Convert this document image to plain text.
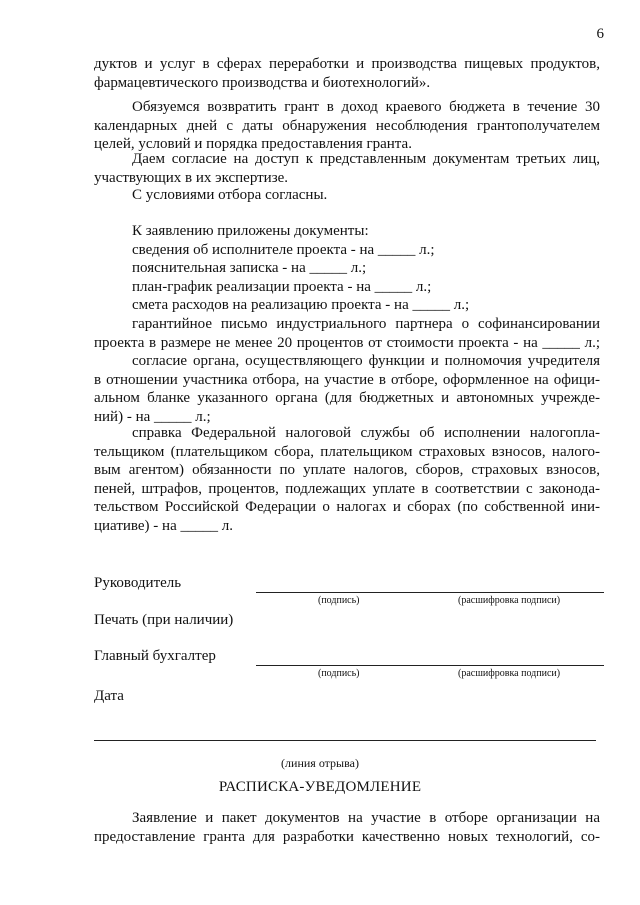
6
дуктов и услуг в сферах переработки и производства пищевых продуктов,
фармацевтического производства и биотехнологий».
Обязуемся возвратить грант в доход краевого бюджета в течение 30
календарных дней с даты обнаружения несоблюдения грантополучателем
целей, условий и порядка предоставления гранта.
Даем согласие на доступ к представленным документам третьих лиц,
участвующих в их экспертизе.
С условиями отбора согласны.
К заявлению приложены документы:
сведения об исполнителе проекта - на _____ л.;
пояснительная записка - на _____ л.;
план-график реализации проекта - на _____ л.;
смета расходов на реализацию проекта - на _____ л.;
гарантийное письмо индустриального партнера о софинансировании
проекта в размере не менее 20 процентов от стоимости проекта - на _____ л.;
согласие органа, осуществляющего функции и полномочия учредителя
в отношении участника отбора, на участие в отборе, оформленное на офици-
альном бланке указанного органа (для бюджетных и автономных учрежде-
ний) - на _____ л.;
справка Федеральной налоговой службы об исполнении налогопла-
тельщиком (плательщиком сбора, плательщиком страховых взносов, налого-
вым агентом) обязанности по уплате налогов, сборов, страховых взносов,
пеней, штрафов, процентов, подлежащих уплате в соответствии с законода-
тельством Российской Федерации о налогах и сборах (по собственной ини-
циативе) - на _____ л.
Руководитель
(подпись)	(расшифровка подписи)
Печать (при наличии)
Главный бухгалтер
(подпись)	(расшифровка подписи)
Дата
(линия отрыва)
РАСПИСКА-УВЕДОМЛЕНИЕ
Заявление и пакет документов на участие в отборе организации на
предоставление гранта для разработки качественно новых технологий, со-
